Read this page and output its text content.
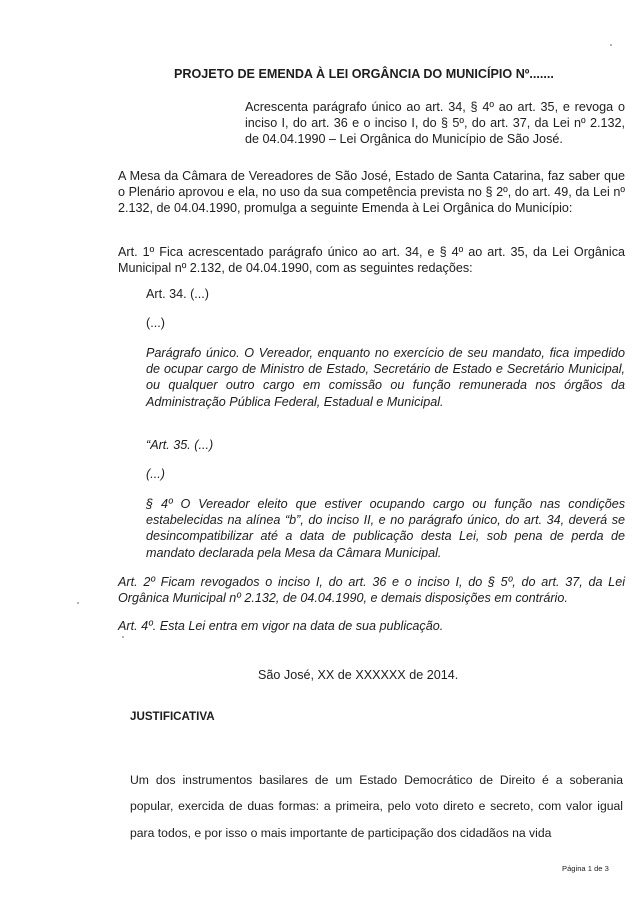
PROJETO DE EMENDA À LEI ORGÂNCIA DO MUNICÍPIO Nº.......

Acrescenta parágrafo único ao art. 34, § 4º ao art. 35, e revoga o inciso I, do art. 36 e o inciso I, do § 5º, do art. 37, da Lei nº 2.132, de 04.04.1990 – Lei Orgânica do Município de São José.

A Mesa da Câmara de Vereadores de São José, Estado de Santa Catarina, faz saber que o Plenário aprovou e ela, no uso da sua competência prevista no § 2º, do art. 49, da Lei nº 2.132, de 04.04.1990, promulga a seguinte Emenda à Lei Orgânica do Município:

Art. 1º Fica acrescentado parágrafo único ao art. 34, e § 4º ao art. 35, da Lei Orgânica Municipal nº 2.132, de 04.04.1990, com as seguintes redações:

Art. 34. (...)

(...)

Parágrafo único. O Vereador, enquanto no exercício de seu mandato, fica impedido de ocupar cargo de Ministro de Estado, Secretário de Estado e Secretário Municipal, ou qualquer outro cargo em comissão ou função remunerada nos órgãos da Administração Pública Federal, Estadual e Municipal.

“Art. 35. (...)

(...)

§ 4º O Vereador eleito que estiver ocupando cargo ou função nas condições estabelecidas na alínea “b”, do inciso II, e no parágrafo único, do art. 34, deverá se desincompatibilizar até a data de publicação desta Lei, sob pena de perda de mandato declarada pela Mesa da Câmara Municipal.

Art. 2º Ficam revogados o inciso I, do art. 36 e o inciso I, do § 5º, do art. 37, da Lei Orgânica Municipal nº 2.132, de 04.04.1990, e demais disposições em contrário.

Art. 4º. Esta Lei entra em vigor na data de sua publicação.

São José, XX de XXXXXX de 2014.

JUSTIFICATIVA

Um dos instrumentos basilares de um Estado Democrático de Direito é a soberania popular, exercida de duas formas: a primeira, pelo voto direto e secreto, com valor igual para todos, e por isso o mais importante de participação dos cidadãos na vida

Página 1 de 3
